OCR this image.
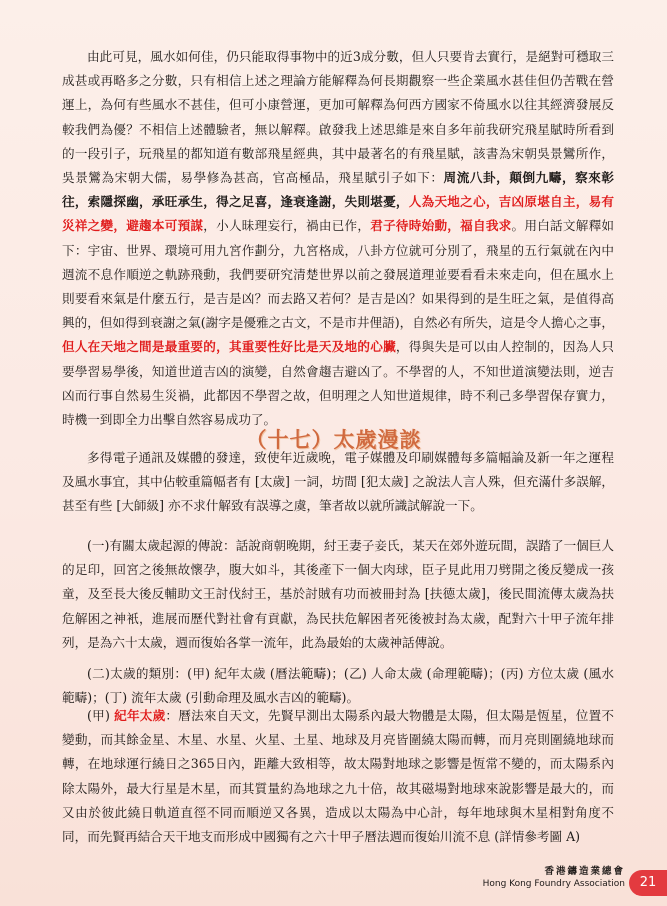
由此可見，風水如何佳，仍只能取得事物中的近3成分數，但人只要肯去實行，是絕對可穩取三成甚或再略多之分數，只有相信上述之理論方能解釋為何長期觀察一些企業風水甚佳但仍苦戰在營運上，為何有些風水不甚佳，但可小康營運，更加可解釋為何西方國家不倚風水以往其經濟發展反較我們為優？不相信上述體驗者，無以解釋。啟發我上述思維是來自多年前我研究飛星賦時所看到的一段引子，玩飛星的都知道有數部飛星經典，其中最著名的有飛星賦，該書為宋朝吳景鸞所作，吳景鸞為宋朝大儒，易學修為甚高，官高極品，飛星賦引子如下：周流八卦，顛倒九疇，察來彰往，索隱探幽，承旺承生，得之足喜，逢衰逢謝，失則堪憂，人為天地之心，吉凶原堪自主，易有災祥之變，避趨本可預謀，小人昧理妄行，禍由已作，君子待時始動，福自我求。用白話文解釋如下：宇宙、世界、環境可用九宮作劃分，九宮格成，八卦方位就可分別了，飛星的五行氣就在內中週流不息作順逆之軌跡飛動，我們要研究清楚世界以前之發展道理並要看看未來走向，但在風水上則要看來氣是什麼五行，是吉是凶？而去路又若何？是吉是凶？如果得到的是生旺之氣，是值得高興的，但如得到衰謝之氣(謝字是優雅之古文，不是市井俚語)，自然必有所失，這是令人擔心之事，但人在天地之間是最重要的，其重要性好比是天及地的心臟，得與失是可以由人控制的，因為人只要學習易學後，知道世道吉凶的演變，自然會趨吉避凶了。不學習的人，不知世道演變法則，逆吉凶而行事自然易生災禍，此都因不學習之故，但明理之人知世道規律，時不利己多學習保存實力，時機一到即全力出擊自然容易成功了。

（十七）太歲漫談

多得電子通訊及媒體的發達，致使年近歲晚，電子媒體及印刷媒體每多篇幅論及新一年之運程及風水事宜，其中佔較重篇幅者有 [太歲] 一詞，坊間 [犯太歲] 之說法人言人殊，但充滿什多誤解，甚至有些 [大師級] 亦不求什解致有誤導之虞，筆者故以就所識試解說一下。

(一)有關太歲起源的傳說：話說商朝晚期，紂王妻子妾氏，某天在郊外遊玩間，誤踏了一個巨人的足印，回宮之後無故懷孕，腹大如斗，其後產下一個大肉球，臣子見此用刀劈開之後反變成一孩童，及至長大後反輔助文王討伐紂王，基於討賊有功而被冊封為 [扶德太歲]，後民間流傳太歲為扶危解困之神衹，進展而歷代對社會有貢獻，為民扶危解困者死後被封為太歲，配對六十甲子流年排列，是為六十太歲，週而復始各掌一流年，此為最始的太歲神話傳說。

(二)太歲的類別：(甲) 紀年太歲 (曆法範疇)；(乙) 人命太歲 (命理範疇)；(丙) 方位太歲 (風水範疇)；(丁) 流年太歲 (引動命理及風水吉凶的範疇)。

(甲) 紀年太歲：曆法來自天文，先賢早測出太陽系內最大物體是太陽，但太陽是恆星，位置不變動，而其餘金星、木星、水星、火星、土星、地球及月亮皆圍繞太陽而轉，而月亮則圍繞地球而轉，在地球運行繞日之365日內，距離大致相等，故太陽對地球之影響是恆常不變的，而太陽系內除太陽外，最大行星是木星，而其質量約為地球之九十倍，故其磁場對地球來說影響是最大的，而又由於彼此繞日軌道直徑不同而順逆又各異，造成以太陽為中心計，每年地球與木星相對角度不同，而先賢再結合天干地支而形成中國獨有之六十甲子曆法週而復始川流不息 (詳情參考圖 A)

香港鑄造業總會
Hong Kong Foundry Association	21
